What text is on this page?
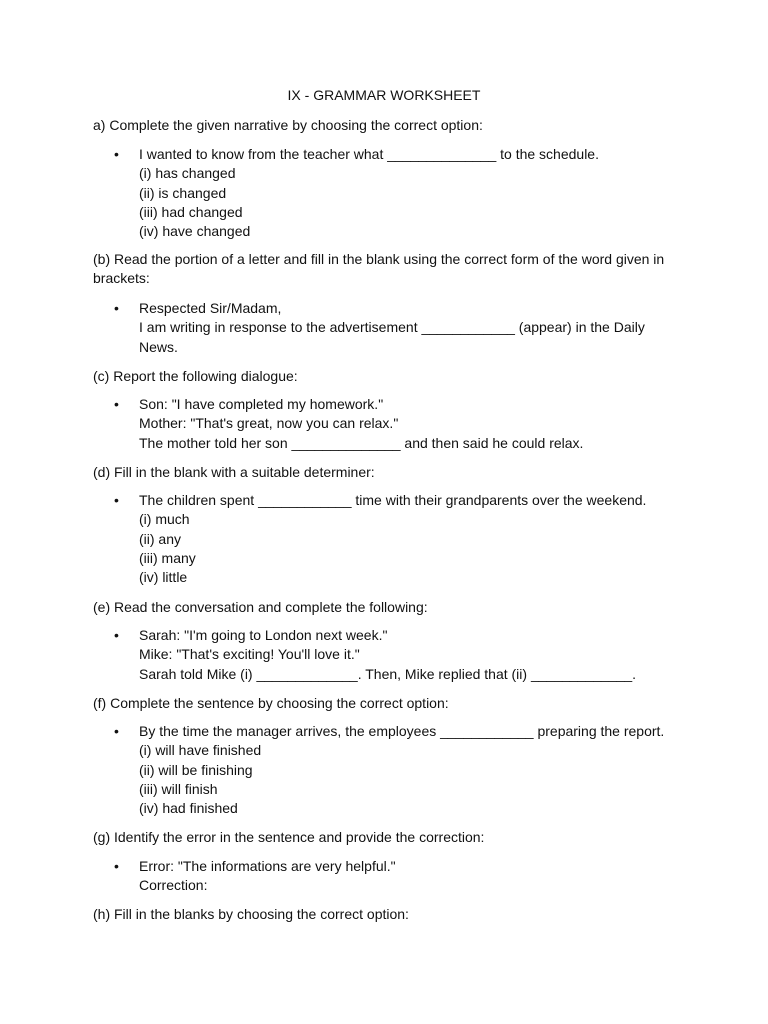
IX - GRAMMAR WORKSHEET

a) Complete the given narrative by choosing the correct option:

•	I wanted to know from the teacher what ______________ to the schedule.
(i) has changed
(ii) is changed
(iii) had changed
(iv) have changed

(b) Read the portion of a letter and fill in the blank using the correct form of the word given in brackets:

•	Respected Sir/Madam,
I am writing in response to the advertisement ____________ (appear) in the Daily
News.

(c) Report the following dialogue:

•	Son: "I have completed my homework."
Mother: "That's great, now you can relax."
The mother told her son ______________ and then said he could relax.

(d) Fill in the blank with a suitable determiner:

•	The children spent ____________ time with their grandparents over the weekend.
(i) much
(ii) any
(iii) many
(iv) little

(e) Read the conversation and complete the following:

•	Sarah: "I'm going to London next week."
Mike: "That's exciting! You'll love it."
Sarah told Mike (i) _____________. Then, Mike replied that (ii) _____________.

(f) Complete the sentence by choosing the correct option:

•	By the time the manager arrives, the employees ____________ preparing the report.
(i) will have finished
(ii) will be finishing
(iii) will finish
(iv) had finished

(g) Identify the error in the sentence and provide the correction:

•	Error: "The informations are very helpful."
Correction:

(h) Fill in the blanks by choosing the correct option:
